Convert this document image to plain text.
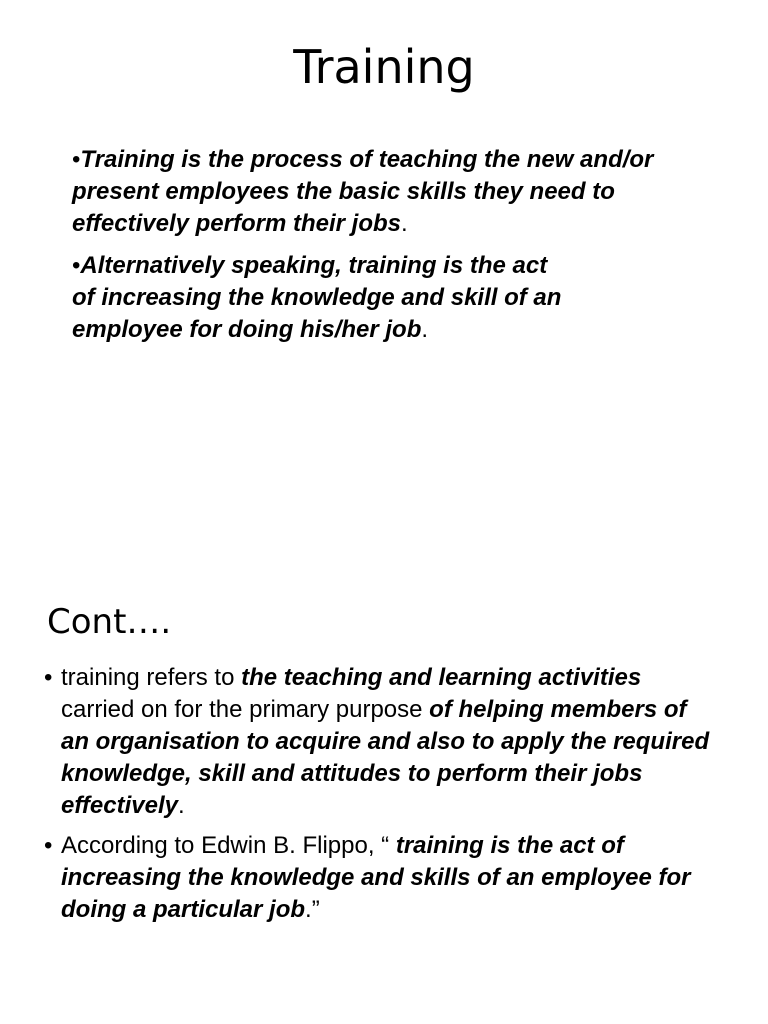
Training

•Training is the process of teaching the new and/or present employees the basic skills they need to effectively perform their jobs.

•Alternatively speaking, training is the act
of increasing the knowledge and skill of an employee for doing his/her job.

Cont….
• training refers to the teaching and learning activities carried on for the primary purpose of helping members of an organisation to acquire and also to apply the required knowledge, skill and attitudes to perform their jobs effectively.
• According to Edwin B. Flippo, “ training is the act of increasing the knowledge and skills of an employee for doing a particular job.”
